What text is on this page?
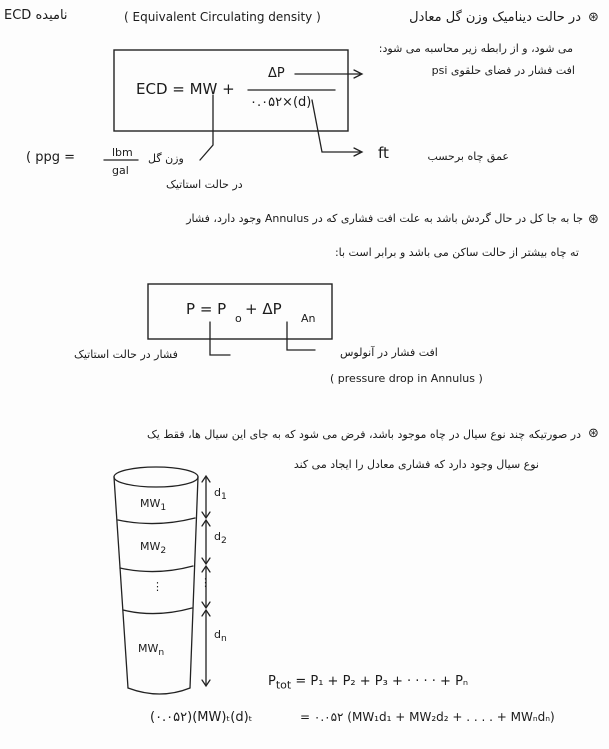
⊛
در حالت دینامیک وزن گل معادل
ECD نامیده	( Equivalent Circulating density )
می شود، و از رابطه زیر محاسبه می شود:
ECD = MW +
ΔP
۰.۰۵۲×(d)
افت فشار در فضای حلقوی psi
وزن گل
در حالت استاتیک
( ppg =	lbm
gal
ft	عمق چاه برحسب
⊛
جا به جا کل در حال گردش باشد به علت افت فشاری که در Annulus وجود دارد، فشار
ته چاه بیشتر از حالت ساکن می باشد و برابر است با:
P = P
o
+ ΔP
An
فشار در حالت استاتیک	افت فشار در آنولوس
( pressure drop in Annulus )
⊛
در صورتیکه چند نوع سیال در چاه موجود باشد، فرض می شود که به جای این سیال ها، فقط یک
نوع سیال وجود دارد که فشاری معادل را ایجاد می کند
$MW_1$
$MW_2$
⋮
$MW_n$
$d_1$
$d_2$
⋮
$d_n$
$P_{tot} = P_1 + P_2 + P_3$ + · · · · + Pₙ
(۰.۰۵۲)(MW)ₜ(d)ₜ	= ۰.۰۵۲ (MW₁d₁ + MW₂d₂ + . . . . + MWₙdₙ)
